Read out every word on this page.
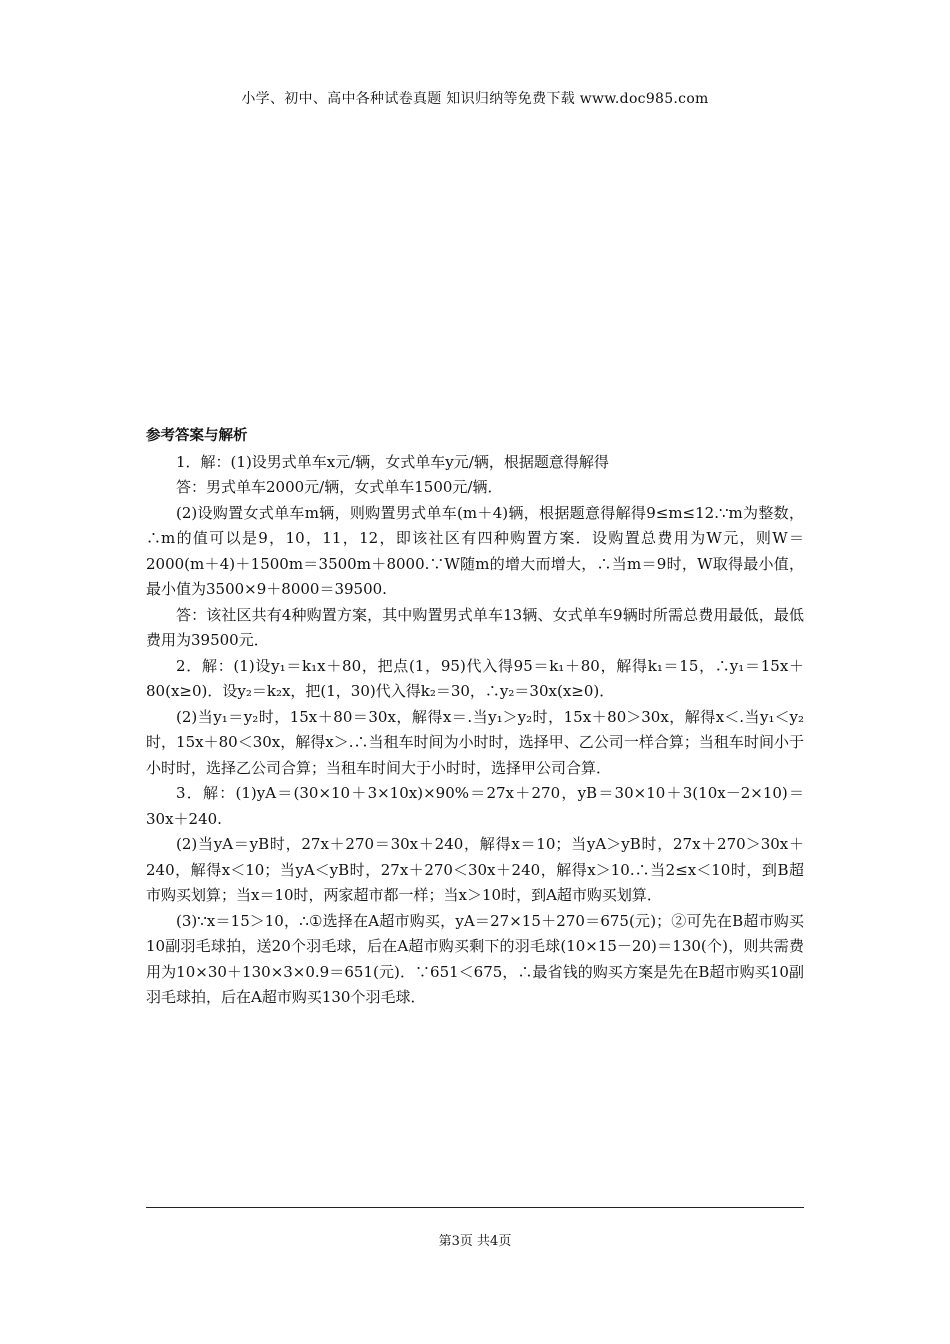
小学、初中、高中各种试卷真题 知识归纳等免费下载 www.doc985.com
参考答案与解析

1．解：(1)设男式单车x元/辆，女式单车y元/辆，根据题意得解得

答：男式单车2000元/辆，女式单车1500元/辆．

(2)设购置女式单车m辆，则购置男式单车(m＋4)辆，根据题意得解得9≤m≤12.∵m为整数，∴m的值可以是9，10，11，12，即该社区有四种购置方案．设购置总费用为W元，则W＝2000(m＋4)＋1500m＝3500m＋8000.∵W随m的增大而增大，∴当m＝9时，W取得最小值，最小值为3500×9＋8000＝39500.

答：该社区共有4种购置方案，其中购置男式单车13辆、女式单车9辆时所需总费用最低，最低费用为39500元．

2．解：(1)设y₁＝k₁x＋80，把点(1，95)代入得95＝k₁＋80，解得k₁＝15，∴y₁＝15x＋80(x≥0)．设y₂＝k₂x，把(1，30)代入得k₂＝30，∴y₂＝30x(x≥0)．

(2)当y₁＝y₂时，15x＋80＝30x，解得x＝.当y₁＞y₂时，15x＋80＞30x，解得x＜.当y₁＜y₂时，15x＋80＜30x，解得x＞.∴当租车时间为小时时，选择甲、乙公司一样合算；当租车时间小于小时时，选择乙公司合算；当租车时间大于小时时，选择甲公司合算．

3．解：(1)yA＝(30×10＋3×10x)×90%＝27x＋270，yB＝30×10＋3(10x－2×10)＝30x＋240.

(2)当yA＝yB时，27x＋270＝30x＋240，解得x＝10；当yA＞yB时，27x＋270＞30x＋240，解得x＜10；当yA＜yB时，27x＋270＜30x＋240，解得x＞10.∴当2≤x＜10时，到B超市购买划算；当x＝10时，两家超市都一样；当x＞10时，到A超市购买划算．

(3)∵x＝15＞10，∴①选择在A超市购买，yA＝27×15＋270＝675(元)；②可先在B超市购买10副羽毛球拍，送20个羽毛球，后在A超市购买剩下的羽毛球(10×15－20)＝130(个)，则共需费用为10×30＋130×3×0.9＝651(元)．∵651＜675，∴最省钱的购买方案是先在B超市购买10副羽毛球拍，后在A超市购买130个羽毛球．

第3页 共4页
